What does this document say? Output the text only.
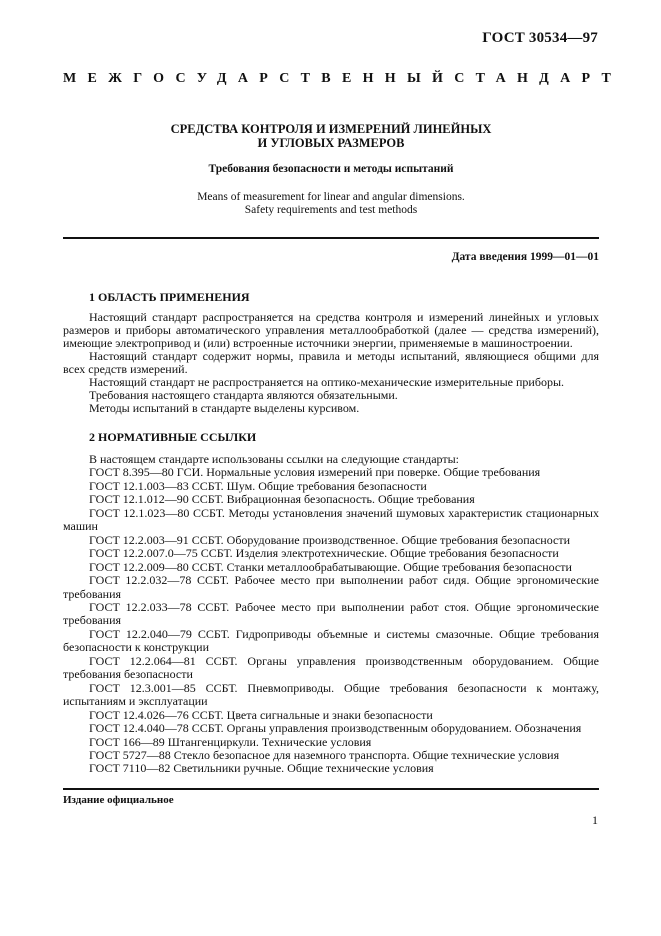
ГОСТ 30534—97
МЕЖГОСУДАРСТВЕННЫЙ СТАНДАРТ
СРЕДСТВА КОНТРОЛЯ И ИЗМЕРЕНИЙ ЛИНЕЙНЫХ
И УГЛОВЫХ РАЗМЕРОВ
Требования безопасности и методы испытаний
Means of measurement for linear and angular dimensions.
Safety requirements and test methods
Дата введения 1999—01—01
1 ОБЛАСТЬ ПРИМЕНЕНИЯ

Настоящий стандарт распространяется на средства контроля и измерений линейных и угловых размеров и приборы автоматического управления металлообработкой (далее — средства измерений), имеющие электропривод и (или) встроенные источники энергии, применяемые в машиностроении.

Настоящий стандарт содержит нормы, правила и методы испытаний, являющиеся общими для всех средств измерений.

Настоящий стандарт не распространяется на оптико-механические измерительные приборы.

Требования настоящего стандарта являются обязательными.

Методы испытаний в стандарте выделены курсивом.

2 НОРМАТИВНЫЕ ССЫЛКИ
В настоящем стандарте использованы ссылки на следующие стандарты:
ГОСТ 8.395—80 ГСИ. Нормальные условия измерений при поверке. Общие требования
ГОСТ 12.1.003—83 ССБТ. Шум. Общие требования безопасности
ГОСТ 12.1.012—90 ССБТ. Вибрационная безопасность. Общие требования
ГОСТ 12.1.023—80 ССБТ. Методы установления значений шумовых характеристик стационарных машин
ГОСТ 12.2.003—91 ССБТ. Оборудование производственное. Общие требования безопасности
ГОСТ 12.2.007.0—75 ССБТ. Изделия электротехнические. Общие требования безопасности
ГОСТ 12.2.009—80 ССБТ. Станки металлообрабатывающие. Общие требования безопасности
ГОСТ 12.2.032—78 ССБТ. Рабочее место при выполнении работ сидя. Общие эргономические требования
ГОСТ 12.2.033—78 ССБТ. Рабочее место при выполнении работ стоя. Общие эргономические требования
ГОСТ 12.2.040—79 ССБТ. Гидроприводы объемные и системы смазочные. Общие требования безопасности к конструкции
ГОСТ 12.2.064—81 ССБТ. Органы управления производственным оборудованием. Общие требования безопасности
ГОСТ 12.3.001—85 ССБТ. Пневмоприводы. Общие требования безопасности к монтажу, испытаниям и эксплуатации
ГОСТ 12.4.026—76 ССБТ. Цвета сигнальные и знаки безопасности
ГОСТ 12.4.040—78 ССБТ. Органы управления производственным оборудованием. Обозначения
ГОСТ 166—89 Штангенциркули. Технические условия
ГОСТ 5727—88 Стекло безопасное для наземного транспорта. Общие технические условия
ГОСТ 7110—82 Светильники ручные. Общие технические условия
Издание официальное
1
